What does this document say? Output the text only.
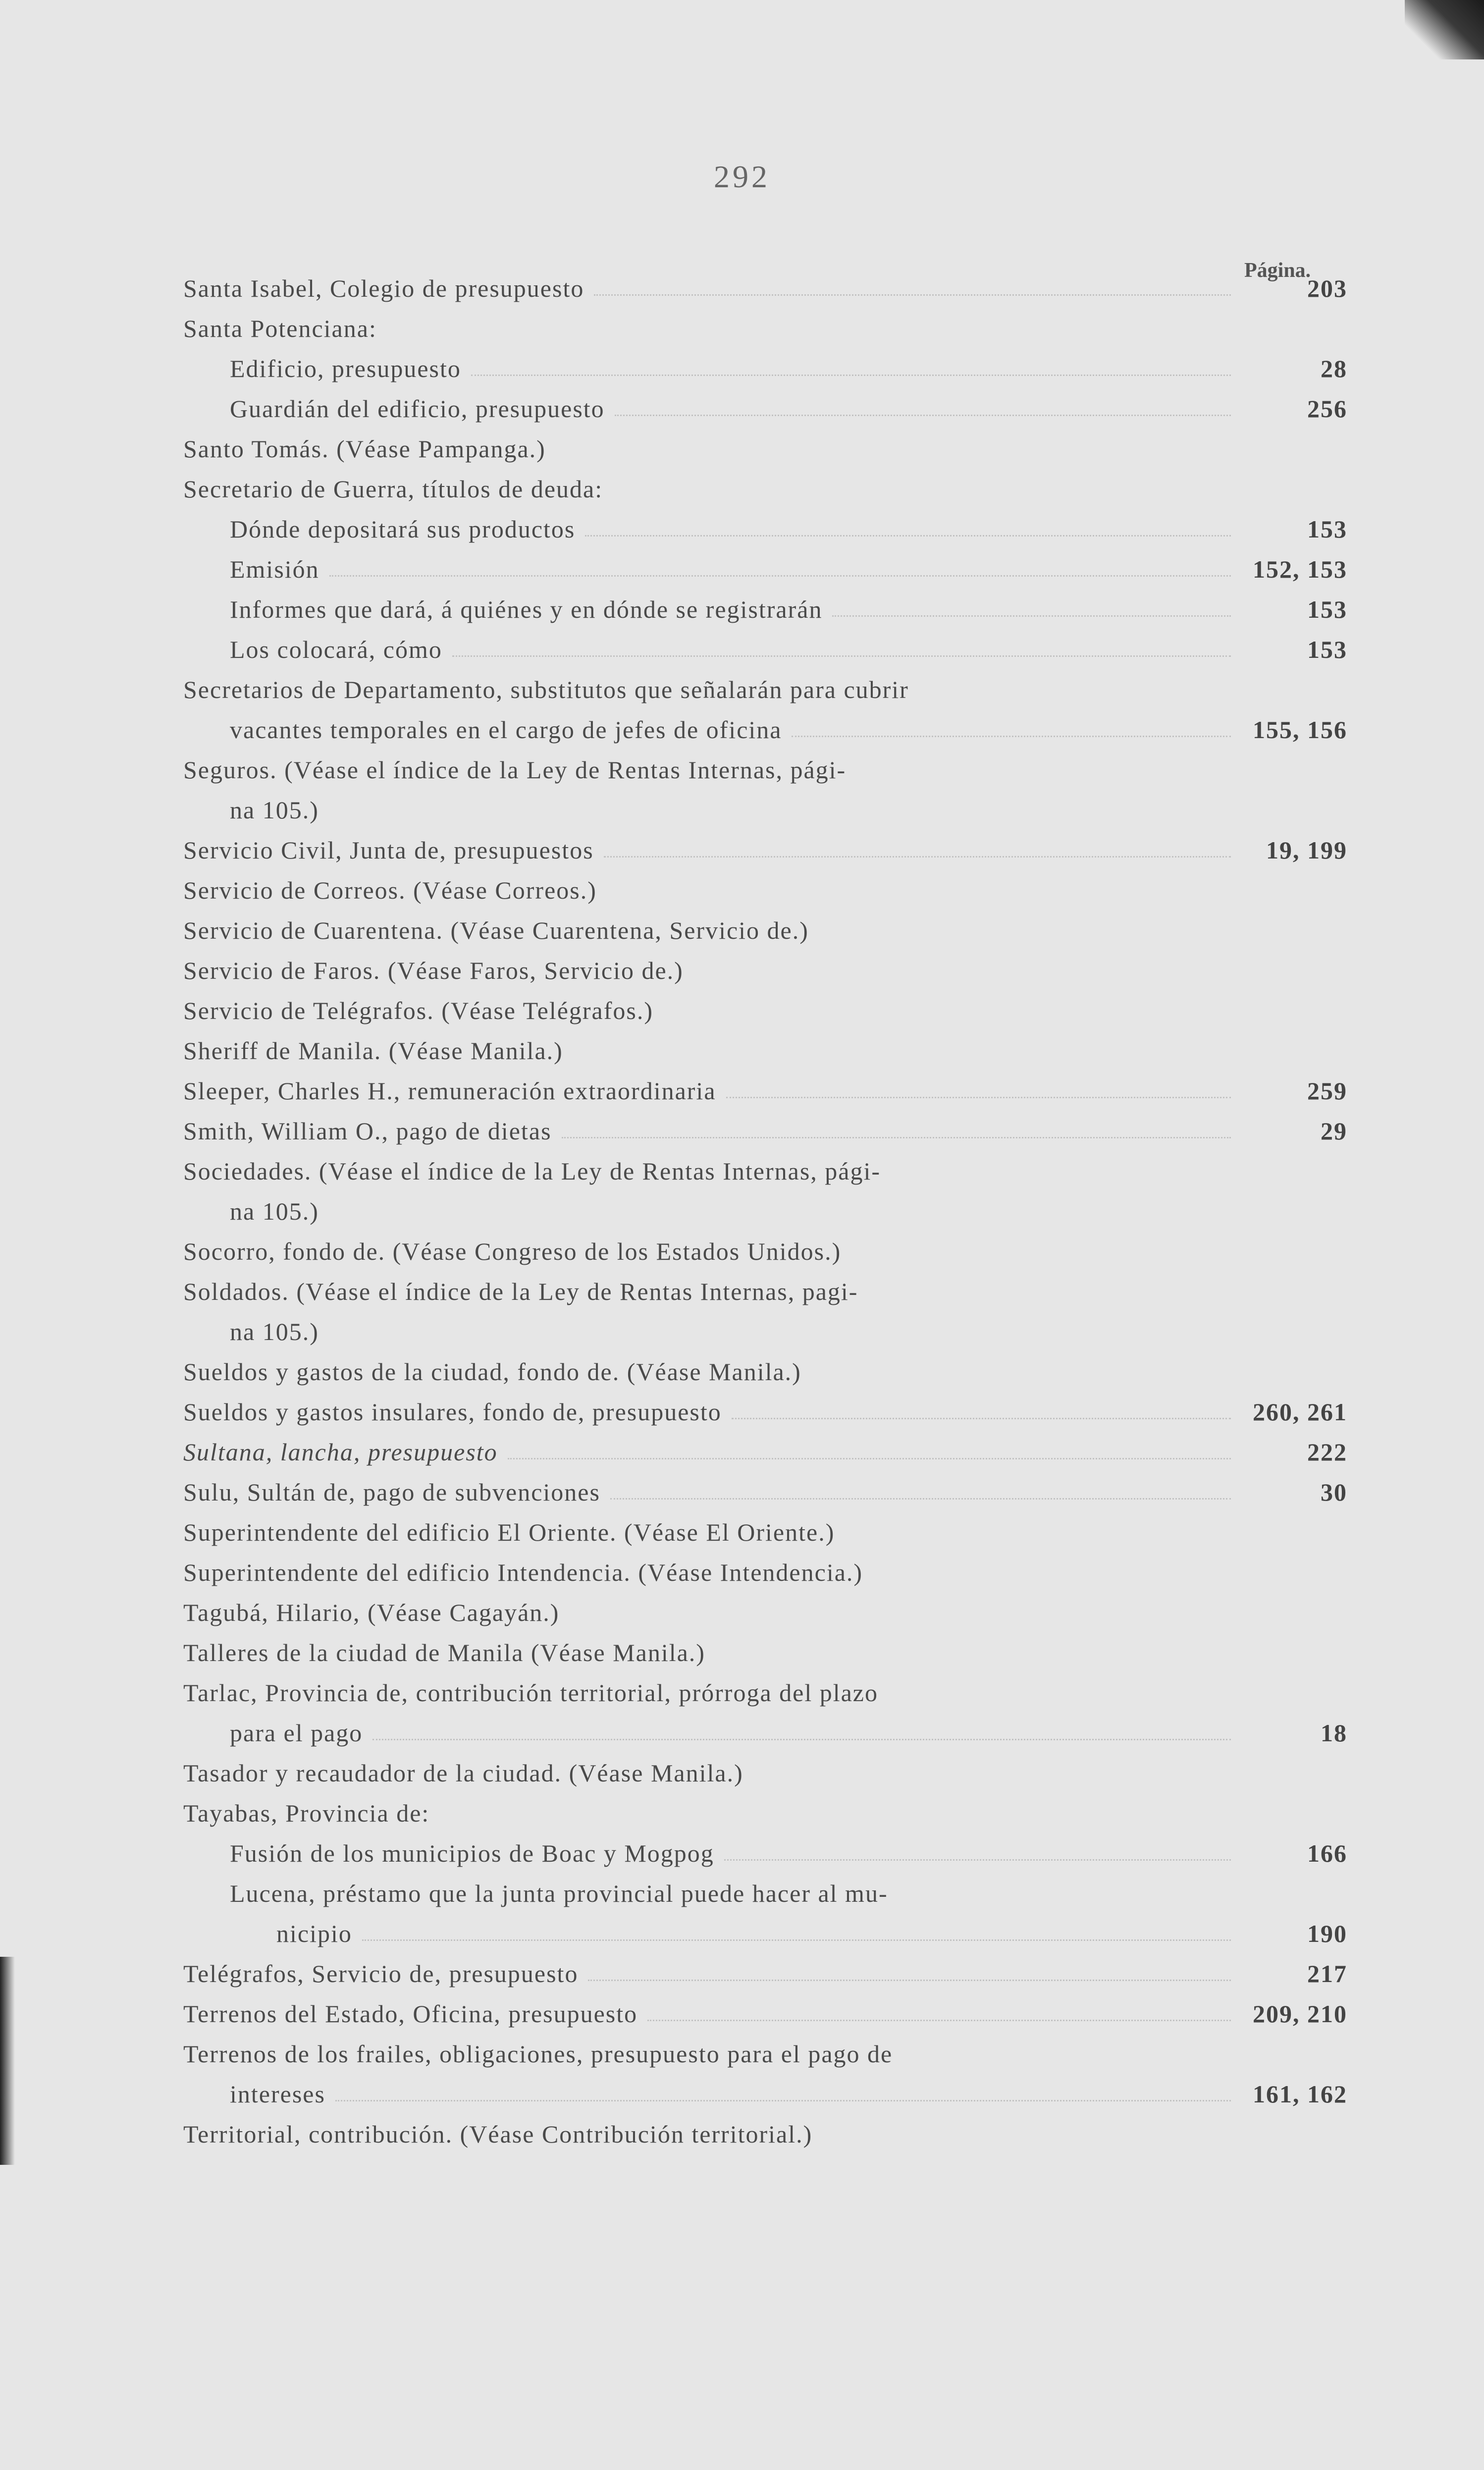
292
Página.
Santa Isabel, Colegio de presupuesto	203
Santa Potenciana:
Edificio, presupuesto	28
Guardián del edificio, presupuesto	256
Santo Tomás. (Véase Pampanga.)
Secretario de Guerra, títulos de deuda:
Dónde depositará sus productos	153
Emisión	152, 153
Informes que dará, á quiénes y en dónde se registrarán	153
Los colocará, cómo	153
Secretarios de Departamento, substitutos que señalarán para cubrir
vacantes temporales en el cargo de jefes de oficina	155, 156
Seguros. (Véase el índice de la Ley de Rentas Internas, pági-
na 105.)
Servicio Civil, Junta de, presupuestos	19, 199
Servicio de Correos. (Véase Correos.)
Servicio de Cuarentena. (Véase Cuarentena, Servicio de.)
Servicio de Faros. (Véase Faros, Servicio de.)
Servicio de Telégrafos. (Véase Telégrafos.)
Sheriff de Manila. (Véase Manila.)
Sleeper, Charles H., remuneración extraordinaria	259
Smith, William O., pago de dietas	29
Sociedades. (Véase el índice de la Ley de Rentas Internas, pági-
na 105.)
Socorro, fondo de. (Véase Congreso de los Estados Unidos.)
Soldados. (Véase el índice de la Ley de Rentas Internas, pagi-
na 105.)
Sueldos y gastos de la ciudad, fondo de. (Véase Manila.)
Sueldos y gastos insulares, fondo de, presupuesto	260, 261
Sultana, lancha, presupuesto	222
Sulu, Sultán de, pago de subvenciones	30
Superintendente del edificio El Oriente. (Véase El Oriente.)
Superintendente del edificio Intendencia. (Véase Intendencia.)
Tagubá, Hilario, (Véase Cagayán.)
Talleres de la ciudad de Manila (Véase Manila.)
Tarlac, Provincia de, contribución territorial, prórroga del plazo
para el pago	18
Tasador y recaudador de la ciudad. (Véase Manila.)
Tayabas, Provincia de:
Fusión de los municipios de Boac y Mogpog	166
Lucena, préstamo que la junta provincial puede hacer al mu-
nicipio	190
Telégrafos, Servicio de, presupuesto	217
Terrenos del Estado, Oficina, presupuesto	209, 210
Terrenos de los frailes, obligaciones, presupuesto para el pago de
intereses	161, 162
Territorial, contribución. (Véase Contribución territorial.)
